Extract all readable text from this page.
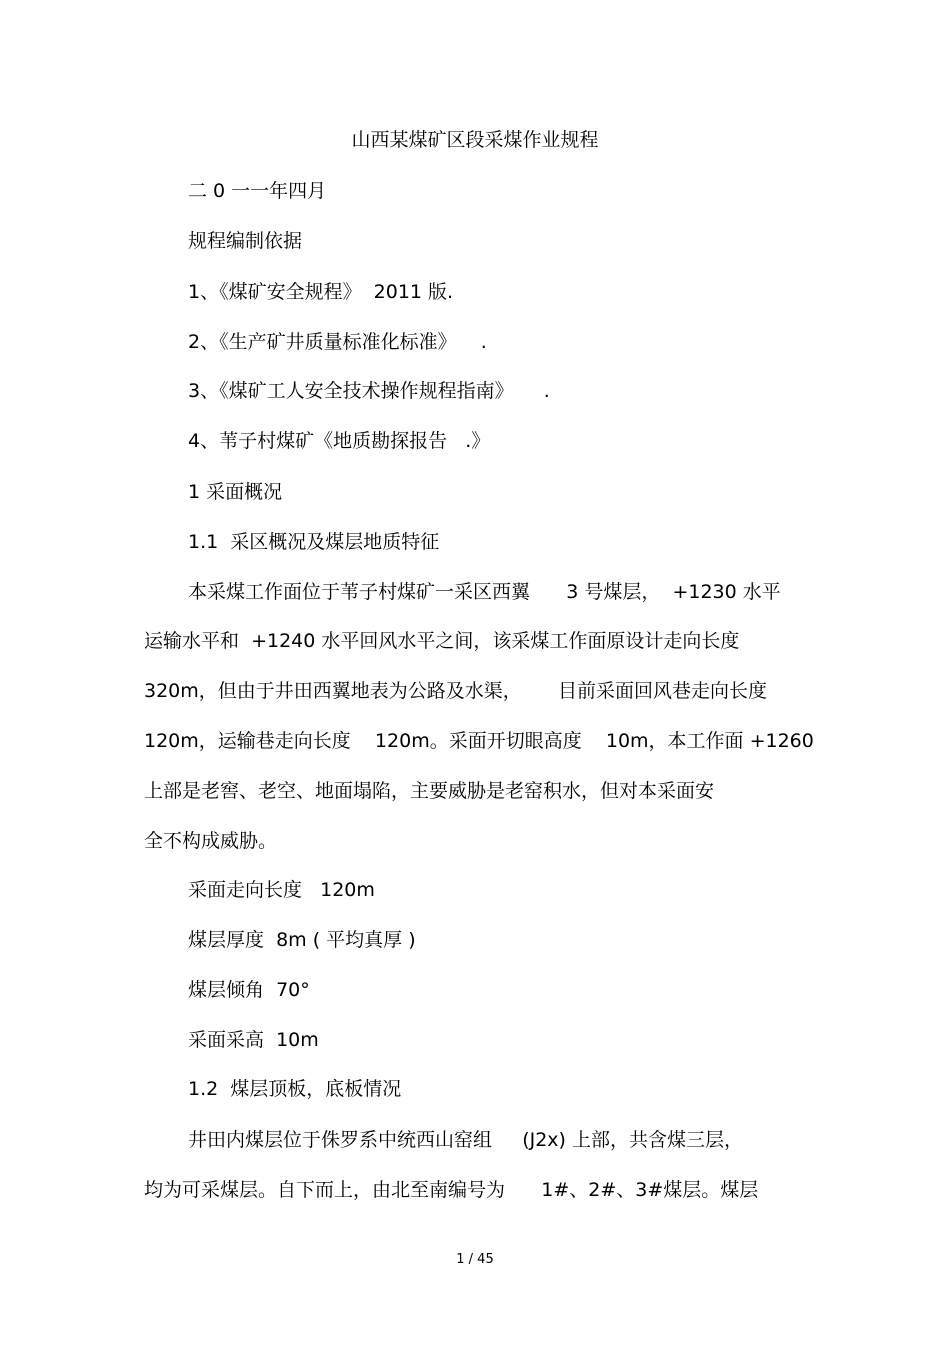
山西某煤矿区段采煤作业规程

二 0 一一年四月

规程编制依据

1、《煤矿安全规程》  2011 版.

2、《生产矿井质量标准化标准》    .

3、《煤矿工人安全技术操作规程指南》     .

4、苇子村煤矿《地质勘探报告   .》

1 采面概况

1.1  采区概况及煤层地质特征

本采煤工作面位于苇子村煤矿一采区西翼      3 号煤层，  +1230 水平

运输水平和  +1240 水平回风水平之间，该采煤工作面原设计走向长度

320m，但由于井田西翼地表为公路及水渠，      目前采面回风巷走向长度

120m，运输巷走向长度    120m。采面开切眼高度    10m，本工作面 +1260

上部是老窖、老空、地面塌陷，主要威胁是老窑积水，但对本采面安

全不构成威胁。

采面走向长度   120m

煤层厚度  8m ( 平均真厚 )

煤层倾角  70°

采面采高  10m

1.2  煤层顶板，底板情况

井田内煤层位于侏罗系中统西山窑组     (J2x) 上部，共含煤三层，

均为可采煤层。自下而上，由北至南编号为      1#、2#、3#煤层。煤层

1 / 45
